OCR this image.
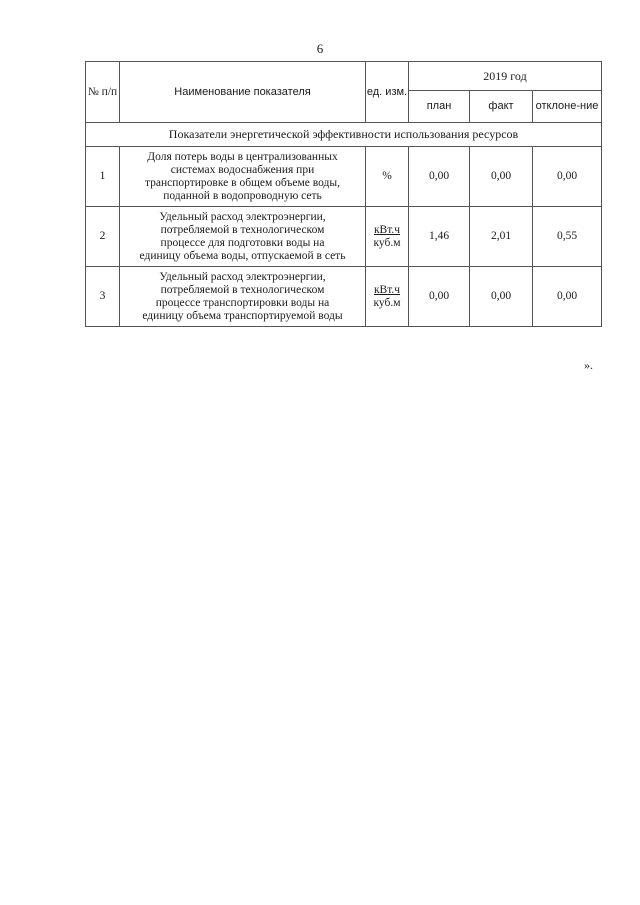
6
№ п/п	Наименование показателя	ед. изм.	2019 год		
			план	факт	отклоне-ние
Показатели энергетической эффективности использования ресурсов					
1	Доля потерь воды в централизованных
системах водоснабжения при
транспортировке в общем объеме воды,
поданной в водопроводную сеть	%	0,00	0,00	0,00
2	Удельный расход электроэнергии,
потребляемой в технологическом
процессе для подготовки воды на
единицу объема воды, отпускаемой в сеть	кВт.ч
куб.м	1,46	2,01	0,55
3	Удельный расход электроэнергии,
потребляемой в технологическом
процессе транспортировки воды на
единицу объема транспортируемой воды	кВт.ч
куб.м	0,00	0,00	0,00
».
